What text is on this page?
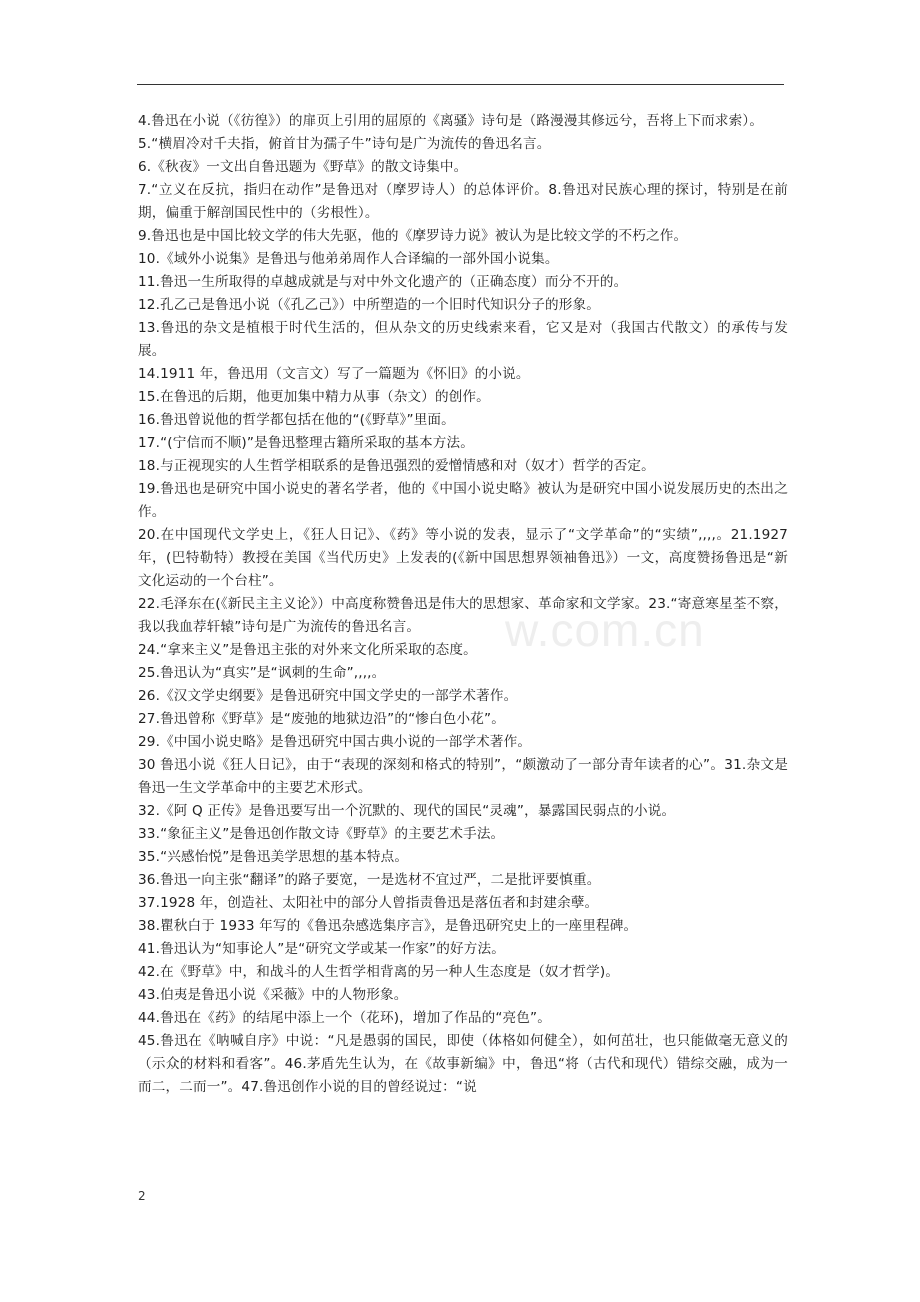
w.com.cn

4.鲁迅在小说（《彷徨》）的扉页上引用的屈原的《离骚》诗句是（路漫漫其修远兮，吾将上下而求索）。

5.“横眉冷对千夫指，俯首甘为孺子牛”诗句是广为流传的鲁迅名言。

6.《秋夜》一文出自鲁迅题为《野草》的散文诗集中。

7.“立义在反抗，指归在动作”是鲁迅对（摩罗诗人）的总体评价。8.鲁迅对民族心理的探讨，特别是在前期，偏重于解剖国民性中的（劣根性）。

9.鲁迅也是中国比较文学的伟大先驱，他的《摩罗诗力说》被认为是比较文学的不朽之作。

10.《域外小说集》是鲁迅与他弟弟周作人合译编的一部外国小说集。

11.鲁迅一生所取得的卓越成就是与对中外文化遗产的（正确态度）而分不开的。

12.孔乙己是鲁迅小说（《孔乙己》）中所塑造的一个旧时代知识分子的形象。

13.鲁迅的杂文是植根于时代生活的，但从杂文的历史线索来看，它又是对（我国古代散文）的承传与发展。

14.1911 年，鲁迅用（文言文）写了一篇题为《怀旧》的小说。

15.在鲁迅的后期，他更加集中精力从事（杂文）的创作。

16.鲁迅曾说他的哲学都包括在他的“(《野草》”里面。

17.“(宁信而不顺)”是鲁迅整理古籍所采取的基本方法。

18.与正视现实的人生哲学相联系的是鲁迅强烈的爱憎情感和对（奴才）哲学的否定。

19.鲁迅也是研究中国小说史的著名学者，他的《中国小说史略》被认为是研究中国小说发展历史的杰出之作。

20.在中国现代文学史上，《狂人日记》、《药》等小说的发表，显示了“文学革命”的“实绩”,,,,。21.1927 年，(巴特勒特）教授在美国《当代历史》上发表的(《新中国思想界领袖鲁迅》）一文，高度赞扬鲁迅是“新文化运动的一个台柱”。

22.毛泽东在(《新民主主义论》）中高度称赞鲁迅是伟大的思想家、革命家和文学家。23.“寄意寒星荃不察，我以我血荐轩辕”诗句是广为流传的鲁迅名言。

24.“拿来主义”是鲁迅主张的对外来文化所采取的态度。

25.鲁迅认为“真实”是“讽刺的生命”,,,,。

26.《汉文学史纲要》是鲁迅研究中国文学史的一部学术著作。

27.鲁迅曾称《野草》是“废弛的地狱边沿”的“惨白色小花”。

29.《中国小说史略》是鲁迅研究中国古典小说的一部学术著作。

30 鲁迅小说《狂人日记》，由于“表现的深刻和格式的特别”，“颇激动了一部分青年读者的心”。31.杂文是鲁迅一生文学革命中的主要艺术形式。

32.《阿 Q 正传》是鲁迅要写出一个沉默的、现代的国民“灵魂”，暴露国民弱点的小说。

33.“象征主义”是鲁迅创作散文诗《野草》的主要艺术手法。

35.“兴感怡悦”是鲁迅美学思想的基本特点。

36.鲁迅一向主张“翻译”的路子要宽，一是选材不宜过严，二是批评要慎重。

37.1928 年，创造社、太阳社中的部分人曾指责鲁迅是落伍者和封建余孽。

38.瞿秋白于 1933 年写的《鲁迅杂感选集序言》，是鲁迅研究史上的一座里程碑。

41.鲁迅认为“知事论人”是“研究文学或某一作家”的好方法。

42.在《野草》中，和战斗的人生哲学相背离的另一种人生态度是（奴才哲学)。

43.伯夷是鲁迅小说《采薇》中的人物形象。

44.鲁迅在《药》的结尾中添上一个（花环)，增加了作品的“亮色”。

45.鲁迅在《呐喊自序》中说：“凡是愚弱的国民，即使（体格如何健全），如何茁壮，也只能做毫无意义的（示众的材料和看客”。46.茅盾先生认为，在《故事新编》中，鲁迅“将（古代和现代）错综交融，成为一而二，二而一”。47.鲁迅创作小说的目的曾经说过：“说

2
